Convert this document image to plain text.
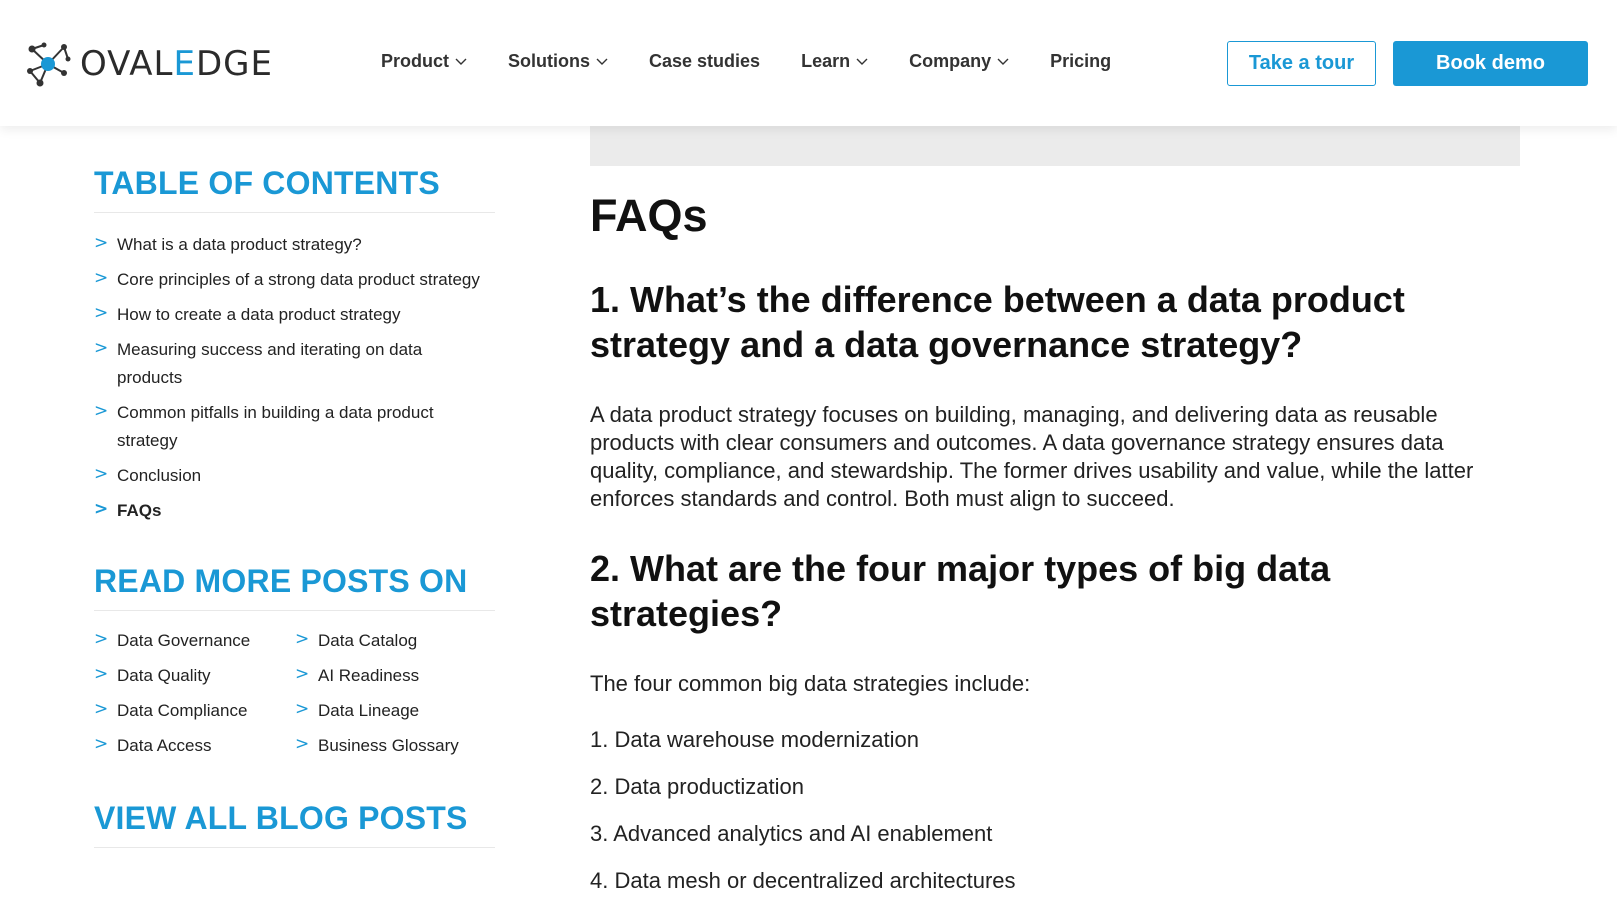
OVALEDGE	Product	Solutions	Case studies Learn	Company	Pricing	Take a tour	Book demo
TABLE OF CONTENTS
> What is a data product strategy?
> Core principles of a strong data product strategy
> How to create a data product strategy
> Measuring success and iterating on data products
> Common pitfalls in building a data product strategy
> Conclusion
> FAQs
READ MORE POSTS ON
> Data Governance	> Data Catalog
> Data Quality	> AI Readiness
> Data Compliance	> Data Lineage
> Data Access	> Business Glossary
VIEW ALL BLOG POSTS
FAQs
1. What’s the difference between a data product strategy and a data governance strategy?

A data product strategy focuses on building, managing, and delivering data as reusable products with clear consumers and outcomes. A data governance strategy ensures data quality, compliance, and stewardship. The former drives usability and value, while the latter enforces standards and control. Both must align to succeed.

2. What are the four major types of big data strategies?

The four common big data strategies include:

1. Data warehouse modernization
2. Data productization
3. Advanced analytics and AI enablement
4. Data mesh or decentralized architectures
